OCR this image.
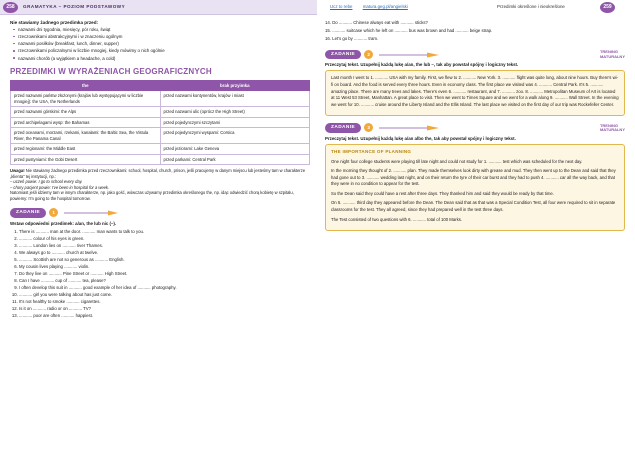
258	GRAMATYKA – POZIOM PODSTAWOWY	Ucz to rebe matura.geg.pl/angielski	Przedimki określone i nieokreślone	259
Nie stawiamy żadnego przedimka przed:
nazwami dni tygodnia, miesięcy, pór roku, świąt
rzeczownikami abstrakcyjnymi i w znaczeniu ogólnym
nazwami posiłków (breakfast, lunch, dinner, supper)
rzeczownikami policzalnymi w liczbie mnogiej, kiedy mówimy o nich ogólnie
nazwami chorób (a wyjątkiem a headache, a cold)
PRZEDIMKI W WYRAŻENIACH GEOGRAFICZNYCH
the	brak przyimka
przed nazwami państw złożonymi (krajów lub występującymi w liczbie mnogiej): the USA, the Netherlands	przed nazwami kontynentów, krajów i miast
przed nazwami górskimi: the Alps	przed nazwami ulic (oprócz the High Street)
przed archipelagami wysp: the Bahamas	przed pojedynczymi szczytami
przed oceanami, morzami, rzekami, kanałami: the Baltic Sea, the Vistula River, the Panama Canal	przed pojedynczymi wyspami: Corsica
przed regionami: the Middle East	przed jeziorami: Lake Geneva
przed pustyniami: the Gobi Desert	przed parkami: Central Park
Uwaga! Nie stawiamy żadnego przedimka przed rzeczownikami: school, hospital, church, prison, jeśli pracujemy w danym miejscu lub jesteśmy tam w charakterze „klienta" tej instytucji, np.:
– uczeń powie: I go to school every day.
– chory pacjent powie: I've been in hospital for a week.
Natomiast jeśli idziemy tam w innym charakterze, np. jako gość, wówczas używamy przedimka określonego the, np. idąc odwiedzić chorą kobietę w szpitalu, powiemy: I'm going to the hospital tomorrow.
ZADANIE	1
Wstaw odpowiedni przedimek: a/an, the lub nic (–).
1. There is ........... man at the door. ........... man wants to talk to you.
2. ........... colour of his eyes is green.
3. ........... London lies on ........... river Thames.
4. We always go to ........... church at twelve.
5. ........... Scottish are not so generous as ........... English.
6. My cousin lives playing ........... violin.
7. Do they live on ........... Pine Street or ........... High Street.
8. Can I have ........... cup of ........... tea, please?
9. I often develop this suit in ........... good example of her idea of ........... photography.
10. ........... girl you were talking about has just come.
11. It's not healthy to smoke ........... cigarettes.
12. Is it on ........... radio or on ........... TV?
13. ........... poor are often ........... happiest.
14. Do ........... Chinese always eat with ........... sticks?
15. ........... suitcase which he left on ........... bus was brown and had ........... beige strap.
16. Let's go by ........... tram.
ZADANIE	2
TRENING
MATURALNY
Przeczytaj tekst. Uzupełnij każdą lukę a/an, the lub –, tak aby powstał spójny i logiczny tekst.

Last month I went to 1. ........... USA with my family. First, we flew to 2. ........... New York. 3. ........... flight was quite long, about nine hours. Buy there's wi-fi on board. And the food is served every three hours. Even in economy class. The first place we visited was 4. ........... Central Park. It's 5. ........... amazing place. There are many trees and lakes. There's even 6. ........... restaurant, and 7. ........... zoo. 8. ........... Metropolitan Museum of Art is located at 11 West 53 Street, Manhattan. A great place to visit. Then we went to Times Square and we went for a walk along 9. ........... Wall Street. In the evening we went for 10. ........... cruise around the Liberty Island and the Ellis Island. The last place we visited on the first day of our trip was Rockefeller Center.

ZADANIE	3
TRENING
MATURALNY
Przeczytaj tekst. Uzupełnij każdą lukę a/an albo the, tak aby powstał spójny i logiczny tekst.
THE IMPORTANCE OF PLANNING

One night four college students were playing till late night and could not study for 1. ........... test which was scheduled for the next day.

In the morning they thought of 2. ........... plan. They made themselves look dirty with grease and mud. They then went up to the Dean and said that they had gone out to 3. ........... wedding last night, and on their return the tyre of their car burst and they had to push 4. ........... car all the way back, and that they were in no condition to appear for the test.

So the Dean said they could have a rest after three days. They thanked him and said they would be ready by that time.

On 5. ........... third day they appeared before the Dean. The Dean said that as that was a Special Condition Test, all four were required to sit in separate classrooms for the test. They all agreed, since they had prepared well in the test three days.

The Test consisted of two questions with 6. ........... total of 100 Marks.
